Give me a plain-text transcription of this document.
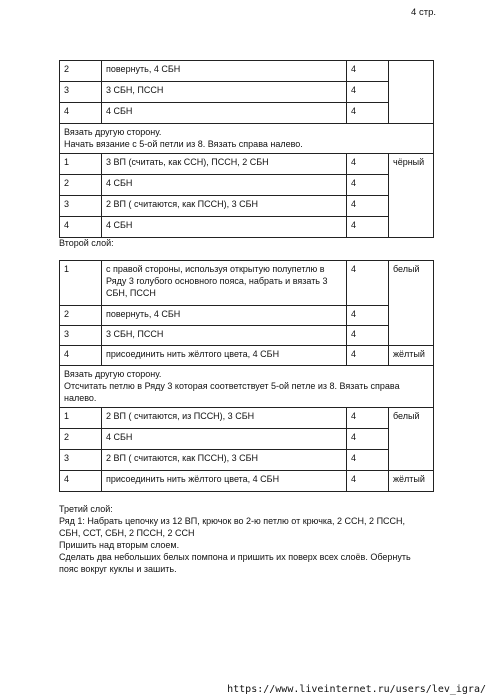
4 стр.
2	повернуть, 4 СБН	4	
3	3 СБН, ПССН	4	
4	4 СБН	4	

Вязать другую сторону.
Начать вязание с 5-ой петли из 8. Вязать справа налево.			

1	3 ВП (считать, как ССН), ПССН, 2 СБН	4	чёрный
2	4 СБН	4	
3	2 ВП ( считаются, как ПССН), 3 СБН	4	
4	4 СБН	4	
Второй слой:
1	с правой стороны, используя открытую полупетлю в Ряду 3 голубого основного пояса, набрать и вязать 3 СБН, ПССН	4	белый
2	повернуть, 4 СБН	4	
3	3 СБН, ПССН	4	
4	присоединить нить жёлтого цвета, 4 СБН	4	жёлтый

Вязать другую сторону.
Отсчитать петлю в Ряду 3 которая соответствует 5-ой петле из 8. Вязать справа налево.			

1	2 ВП ( считаются, из ПССН), 3 СБН	4	белый
2	4 СБН	4	
3	2 ВП ( считаются, как ПССН), 3 СБН	4	
4	присоединить нить жёлтого цвета, 4 СБН	4	жёлтый
Третий слой:
Ряд 1: Набрать цепочку из 12 ВП, крючок во 2-ю петлю от крючка, 2 ССН, 2 ПССН,
СБН, ССТ, СБН, 2 ПССН, 2 ССН
Пришить над вторым слоем.
Сделать два небольших белых помпона и пришить их поверх всех слоёв. Обернуть
пояс вокруг куклы и зашить.
https://www.liveinternet.ru/users/lev_igra/
